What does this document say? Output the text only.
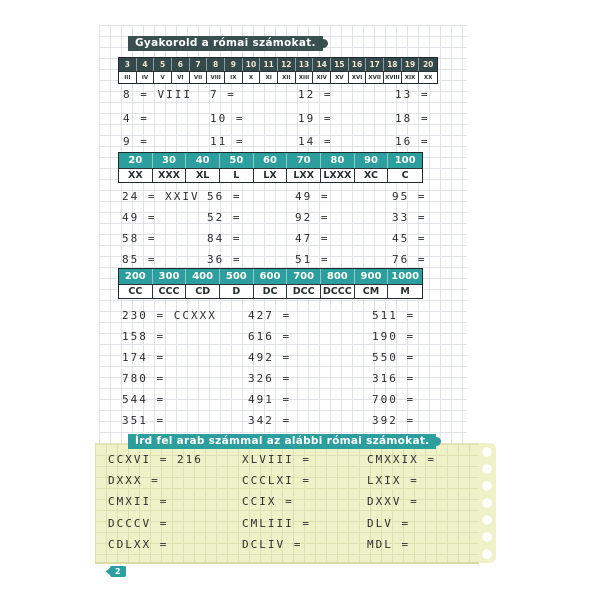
Gyakorold a római számokat.
3	4	5	6	7	8	9	10 11 12 13 14 15 16 17 18 19	20
III	IV	V	VI	VII	VIII	IX	X	XI	XII	XIII	XIV	XV	XVI	XVII XVIII XIX	XX
8 = VIII	7 =	12 =	13 =
4 =	10 =	19 =	18 =
9 =	11 =	14 =	16 =
20	30	40	50	60	70	80	90	100
XX	XXX	XL	L	LX	LXX LXXX	XC	C
24 = XXIV 56 =	49 =	95 =
49 =	52 =	92 =	33 =
58 =	84 =	47 =	45 =
85 =	36 =	51 =	76 =
200	300	400	500	600	700	800	900 1000
CC	CCC	CD	D	DC	DCC DCCC	CM	M
230 = CCXXX	427 =	511 =
158 =	616 =	190 =
174 =	492 =	550 =
780 =	326 =	316 =
544 =	491 =	700 =
351 =	342 =	392 =
Írd fel arab számmal az alábbi római számokat.
CCXVI = 216	XLVIII =	CMXXIX =
DXXX =	CCCLXI =	LXIX =
CMXII =	CCIX =	DXXV =
DCCCV =	CMLIII =	DLV =
CDLXX =	DCLIV =	MDL =
2
